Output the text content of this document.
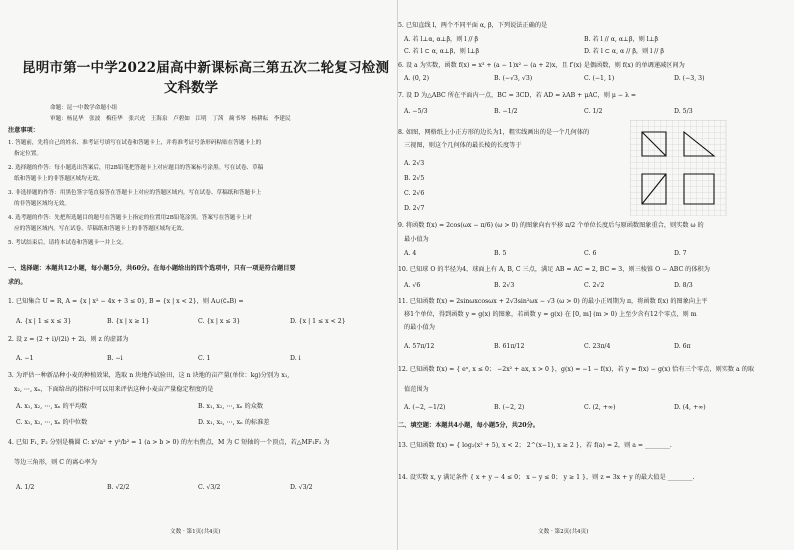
昆明市第一中学2022届高中新课标高三第五次二轮复习检测
文科数学
命题：昆一中数学命题小组
审题：杨昆华　张波　梅佳华　张兴虎　王海泉　卢碧如　江明　丁茜　蔺书琴　杨耕耘　李建民
注意事项：
1. 答题前，先将自己的姓名、准考证号填写在试卷和答题卡上，并将准考证号条形码粘贴在答题卡上的
指定位置。
2. 选择题的作答：每小题选出答案后，用2B铅笔把答题卡上对应题目的答案标号涂黑。写在试卷、草稿
纸和答题卡上的非答题区域均无效。
3. 非选择题的作答：用黑色签字笔直接答在答题卡上对应的答题区域内。写在试卷、草稿纸和答题卡上
的非答题区域均无效。
4. 选考题的作答：先把所选题目的题号在答题卡上指定的位置用2B铅笔涂黑。答案写在答题卡上对
应的答题区域内，写在试卷、草稿纸和答题卡上的非答题区域均无效。
5. 考试结束后，请将本试卷和答题卡一并上交。
一、选择题：本题共12小题，每小题5分，共60分。在每小题给出的四个选项中，只有一项是符合题目要
求的。
1. 已知集合 U = R, A = {x | x² − 4x + 3 ≤ 0}, B = {x | x < 2}，则 A∪(∁ᵤB) =
A. {x | 1 ≤ x ≤ 3}	B. {x | x ≥ 1}	C. {x | x ≤ 3}	D. {x | 1 ≤ x < 2}
2. 设 z = (2 + i)/(2i) + 2i，则 z 的虚部为
A. −1	B. −i	C. 1	D. i
3. 为评估一种新品种小麦的种植效果，选取 n 块地作试验田，这 n 块地的亩产量(单位：kg)分别为 x₁,
x₂, ⋯, xₙ，下面给出的指标中可以用来评估这种小麦亩产量稳定程度的是
A. x₁, x₂, ⋯, xₙ 的平均数	B. x₁, x₂, ⋯, xₙ 的众数
C. x₁, x₂, ⋯, xₙ 的中位数	D. x₁, x₂, ⋯, xₙ 的标准差
4. 已知 F₁, F₂ 分别是椭圆 C: x²/a² + y²/b² = 1 (a > b > 0) 的左右焦点，M 为 C 短轴的一个顶点，若△MF₁F₂ 为
等边三角形，则 C 的离心率为
A. 1/2	B. √2/2	C. √3/2	D. √3/2
文数 · 第1页(共4页)
5. 已知直线 l，两个不同平面 α, β，下列说法正确的是
A. 若 l⊥α, α⊥β，则 l // β	B. 若 l // α, α⊥β，则 l⊥β
C. 若 l ⊂ α, α⊥β，则 l⊥β	D. 若 l ⊂ α, α // β，则 l // β
6. 设 a 为实数，函数 f(x) = x³ + (a − 1)x² − (a + 2)x，且 f′(x) 是偶函数，则 f(x) 的单调递减区间为
A. (0, 2)	B. (−√3, √3)	C. (−1, 1)	D. (−3, 3)
7. 设 D 为△ABC 所在平面内一点，BC = 3CD，若 AD = λAB + μAC，则 μ − λ =
A. −5/3	B. −1/2	C. 1/2	D. 5/3
8. 如图，网格纸上小正方形的边长为1，粗实线画出的是一个几何体的
三视图，则这个几何体的最长棱的长度等于
A. 2√3
B. 2√5
C. 2√6
D. 2√7
9. 将函数 f(x) = 2cos(ωx − π/6) (ω > 0) 的图象向右平移 π/2 个单位长度后与原函数图象重合，则实数 ω 的
最小值为
A. 4	B. 5	C. 6	D. 7
10. 已知球 O 的半径为4，球面上有 A, B, C 三点，满足 AB = AC = 2, BC = 3，则三棱锥 O − ABC 的体积为
A. √6	B. 2√3	C. 2√2	D. 8/3
11. 已知函数 f(x) = 2sinωxcosωx + 2√3sin²ωx − √3 (ω > 0) 的最小正周期为 π，将函数 f(x) 的图象向上平
移1个单位，得到函数 y = g(x) 的图象，若函数 y = g(x) 在 [0, m] (m > 0) 上至少含有12个零点，则 m
的最小值为
A. 57π/12	B. 61π/12	C. 23π/4	D. 6π
12. 已知函数 f(x) = { eˣ, x ≤ 0； −2x² + ax, x > 0 }，g(x) = −1 − f(x)，若 y = f(x) − g(x) 恰有三个零点，则实数 a 的取
值范围为
A. (−2, −1/2)	B. (−2, 2)	C. (2, +∞)	D. (4, +∞)
二、填空题：本题共4小题，每小题5分，共20分。
13. 已知函数 f(x) = { log₂(x² + 5), x < 2； 2^(x−1), x ≥ 2 }，若 f(a) = 2，则 a = ________.
14. 设实数 x, y 满足条件 { x + y − 4 ≤ 0； x − y ≤ 0； y ≥ 1 }，则 z = 3x + y 的最大值是 ________.
文数 · 第2页(共4页)
